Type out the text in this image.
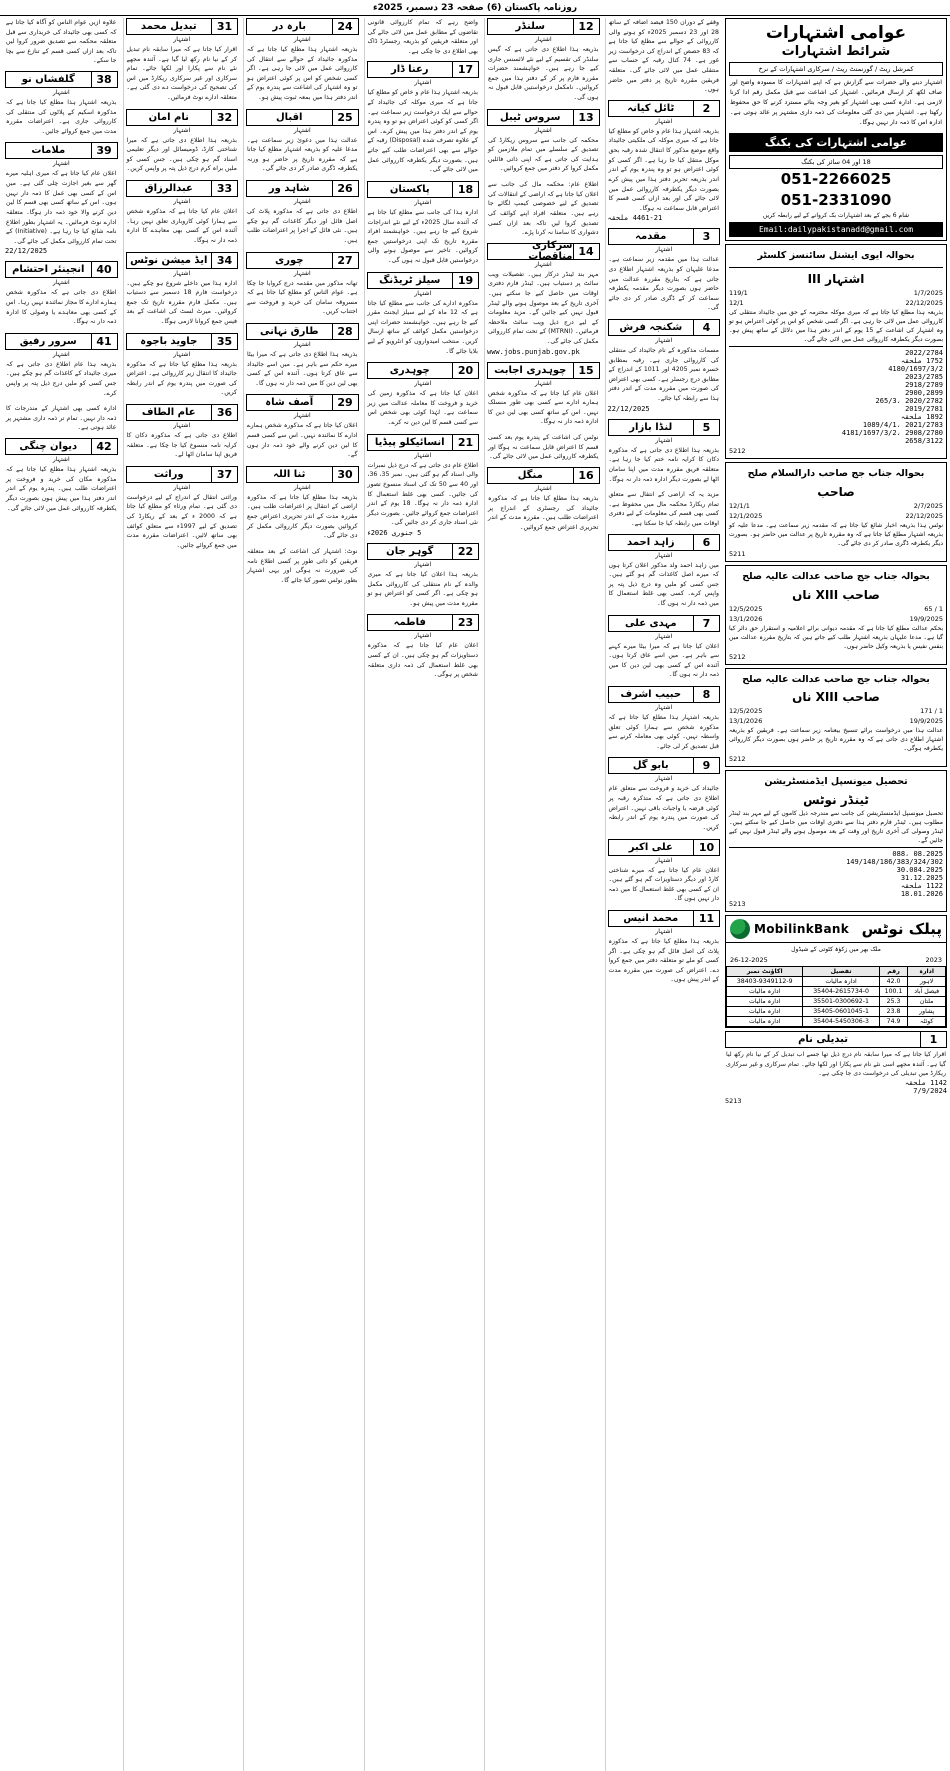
روزنامہ پاکستان (6) صفحہ 23 دسمبر، 2025ء
عوامی اشتہارات
شرائط اشتہارات
کمرشل ریٹ / گورنمنٹ ریٹ / سرکاری اشتہارات کے نرخ
اشتہار دینے والے حضرات سے گزارش ہے کہ اپنے اشتہارات کا مسودہ واضح اور صاف لکھ کر ارسال فرمائیں۔ اشتہار کی اشاعت سے قبل مکمل رقم ادا کرنا لازمی ہے۔ ادارہ کسی بھی اشتہار کو بغیر وجہ بتائے مسترد کرنے کا حق محفوظ رکھتا ہے۔ اشتہار میں دی گئی معلومات کی ذمہ داری مشتہر پر عائد ہوتی ہے۔ ادارہ اس کا ذمہ دار نہیں ہوگا۔
عوامی اشتہارات کی بکنگ
18 اور 04 سائز کی بکنگ
051-2266025
051-2331090
شام 6 بجے کے بعد اشتہارات بک کروانے کے لیے رابطہ کریں
Email:dailypakistanadd@gmail.com
بحوالہ ایوی ایشنل سائنسز کلسٹر
اشتہار III
1/7/2025
119/1
22/12/2025
12/1
بذریعہ ہذا مطلع کیا جاتا ہے کہ میری موکلہ محترمہ کے حق میں جائیداد منتقلی کی کارروائی عمل میں لائی جا رہی ہے۔ اگر کسی شخص کو اس پر کوئی اعتراض ہو تو وہ اشتہار کی اشاعت کے 15 یوم کے اندر دفتر ہذا میں دلائل کے ساتھ پیش ہو۔ بصورت دیگر یکطرفہ کارروائی عمل میں لائی جائے گی۔
2022/2784
1752 ملحقہ
4180/1697/3/2
2023/2785
2918/2789
2900,2899
2020/2782 ،265/3
2019/2781
1892 ملحقہ
2021/2783 ،1089/4/1
2908/2780 ،4181/1697/3/2
2658/3122
5212
بحوالہ جناب جج صاحب دارالسلام صلح
صاحب
2/7/2025
12/1/1
22/12/2025
12/1/2025
نوٹس ہذا بذریعہ اخبار شائع کیا جاتا ہے کہ مقدمہ زیر سماعت ہے۔ مدعا علیہ کو بذریعہ اشتہار مطلع کیا جاتا ہے کہ وہ مقررہ تاریخ پر عدالت میں حاضر ہو۔ بصورت دیگر یکطرفہ ڈگری صادر کر دی جائے گی۔
5211
بحوالہ جناب جج صاحب عدالت عالیہ صلح
صاحب XIII ناں
1 / 65
12/5/2025
19/9/2025
13/1/2026
بحکم عدالت مطلع کیا جاتا ہے کہ مقدمہ دیوانی برائے اعلامیہ و استقرار حق دائر کیا گیا ہے۔ مدعا علیہان بذریعہ اشتہار طلب کیے جاتے ہیں کہ بتاریخ مقررہ عدالت میں بنفس نفیس یا بذریعہ وکیل حاضر ہوں۔
5212
بحوالہ جناب جج صاحب عدالت عالیہ صلح
صاحب XIII ناں
1 / 171
12/5/2025
19/9/2025
13/1/2026
عدالت ہذا میں درخواست برائے تنسیخ بیعنامہ زیر سماعت ہے۔ فریقین کو بذریعہ اشتہار اطلاع دی جاتی ہے کہ وہ مقررہ تاریخ پر حاضر ہوں بصورت دیگر کارروائی یکطرفہ ہوگی۔
5212
تحصیل میونسپل ایڈمنسٹریشن
ٹینڈر نوٹس
تحصیل میونسپل ایڈمنسٹریشن کی جانب سے مندرجہ ذیل کاموں کے لیے مہر بند ٹینڈر مطلوب ہیں۔ ٹینڈر فارم دفتر ہذا سے دفتری اوقات میں حاصل کیے جا سکتے ہیں۔ ٹینڈر وصولی کی آخری تاریخ اور وقت کے بعد موصول ہونے والے ٹینڈر قبول نہیں کیے جائیں گے۔
08.2025 ،088
149/148/186/383/324/302
30.084.2025
31.12.2025
1122 ملحقہ
18.01.2026
5213
پبلک نوٹس
MobilinkBank
ملک بھر میں زکوٰۃ کٹوتی کے شیڈول
2023
26-12-2025
ادارہ	رقم	تفصیل	اکاؤنٹ نمبر
لاہور	42.0	ادارہ مالیات	38403-9349112-9
فیصل آباد	100.1	35404-2615734-0	ادارہ مالیات
ملتان	25.3	35501-0300692-1	ادارہ مالیات
پشاور	23.8	35405-0601045-1	ادارہ مالیات
کوئٹہ	74.9	35404-5450306-3	ادارہ مالیات
1
تبدیلی نام
اقرار کیا جاتا ہے کہ میرا سابقہ نام درج ذیل تھا جسے اب تبدیل کر کے نیا نام رکھ لیا گیا ہے۔ آئندہ مجھے اسی نئے نام سے پکارا اور لکھا جائے۔ تمام سرکاری و غیر سرکاری ریکارڈ میں تبدیلی کی درخواست دی جا چکی ہے۔
1142 ملحقہ
7/9/2024
5213
وقفے کے دوران 150 فیصد اضافہ کے ساتھ 28 اور 23 دسمبر 2025ء کو ہونے والی کارروائی کے حوالے سے مطلع کیا جاتا ہے کہ 83 حصص کے اندراج کی درخواست زیر غور ہے۔ 74 کنال رقبہ کے حساب سے منتقلی عمل میں لائی جائے گی۔ متعلقہ فریقین مقررہ تاریخ پر دفتر میں حاضر ہوں۔
2
ٹائل کیانہ
اشتہار
بذریعہ اشتہار ہذا عام و خاص کو مطلع کیا جاتا ہے کہ میری موکلہ کی ملکیتی جائیداد واقع موضع مذکور کا انتقال شدہ رقبہ بحق موکل منتقل کیا جا رہا ہے۔ اگر کسی کو کوئی اعتراض ہو تو وہ پندرہ یوم کے اندر اندر بذریعہ تحریر دفتر ہذا میں پیش کرے بصورت دیگر یکطرفہ کارروائی عمل میں لائی جائے گی اور بعد ازاں کسی قسم کا اعتراض قابل سماعت نہ ہوگا۔
4461-21 ملحقہ
3
مقدمہ
اشتہار
عدالت ہذا میں مقدمہ زیر سماعت ہے۔ مدعا علیہان کو بذریعہ اشتہار اطلاع دی جاتی ہے کہ بتاریخ مقررہ عدالت میں حاضر ہوں بصورت دیگر مقدمہ یکطرفہ سماعت کر کے ڈگری صادر کر دی جائے گی۔
4
شکنجہ فرش
اشتہار
مسمات مذکورہ کے نام جائیداد کی منتقلی کی کارروائی جاری ہے۔ رقبہ بمطابق خسرہ نمبر 4205 اور 1011 کے اندراج کے مطابق درج رجسٹر ہے۔ کسی بھی اعتراض کی صورت میں مقررہ مدت کے اندر دفتر ہذا سے رابطہ کیا جائے۔
22/12/2025
5
لنڈا بازار
اشتہار
بذریعہ ہذا اطلاع دی جاتی ہے کہ مذکورہ دکان کا کرایہ نامہ ختم کیا جا رہا ہے۔ متعلقہ فریق مقررہ مدت میں اپنا سامان اٹھا لے بصورت دیگر ادارہ ذمہ دار نہ ہوگا۔
مزید یہ کہ اراضی کے انتقال سے متعلق تمام ریکارڈ محکمہ مال میں محفوظ ہے۔ کسی بھی قسم کی معلومات کے لیے دفتری اوقات میں رابطہ کیا جا سکتا ہے۔
6
زاہد احمد
اشتہار
میں زاہد احمد ولد مذکور اعلان کرتا ہوں کہ میرے اصل کاغذات گم ہو گئے ہیں۔ جس کسی کو ملیں وہ درج ذیل پتہ پر واپس کرے۔ کسی بھی غلط استعمال کا میں ذمہ دار نہ ہوں گا۔
7
مہدی علی
اشتہار
اعلان کیا جاتا ہے کہ میرا بیٹا میرے کہنے سے باہر ہے۔ میں اسے عاق کرتا ہوں۔ آئندہ اس کے کسی بھی لین دین کا میں ذمہ دار نہ ہوں گا۔
8
حبیب اشرف
اشتہار
بذریعہ اشتہار ہذا مطلع کیا جاتا ہے کہ مذکورہ شخص سے ہمارا کوئی تعلق واسطہ نہیں۔ کوئی بھی معاملہ کرنے سے قبل تصدیق کر لی جائے۔
9
بابو گل
اشتہار
جائیداد کی خرید و فروخت سے متعلق عام اطلاع دی جاتی ہے کہ متذکرہ رقبہ پر کوئی قرضہ یا واجبات باقی نہیں۔ اعتراض کی صورت میں پندرہ یوم کے اندر رابطہ کریں۔
10
علی اکبر
اشتہار
اعلان عام کیا جاتا ہے کہ میرے شناختی کارڈ اور دیگر دستاویزات گم ہو گئے ہیں۔ ان کے کسی بھی غلط استعمال کا میں ذمہ دار نہیں ہوں گا۔
11
محمد انیس
اشتہار
بذریعہ ہذا مطلع کیا جاتا ہے کہ مذکورہ پلاٹ کی اصل فائل گم ہو چکی ہے۔ اگر کسی کو ملے تو متعلقہ دفتر میں جمع کروا دے۔ اعتراض کی صورت میں مقررہ مدت کے اندر پیش ہوں۔
12
سلنڈر
اشتہار
بذریعہ ہذا اطلاع دی جاتی ہے کہ گیس سلنڈر کی تقسیم کے لیے نئے لائسنس جاری کیے جا رہے ہیں۔ خواہشمند حضرات مقررہ فارم پر کر کے دفتر ہذا میں جمع کروائیں۔ نامکمل درخواستیں قابل قبول نہ ہوں گی۔
13
سروس ٹیبل
اشتہار
محکمہ کی جانب سے سروس ریکارڈ کی تصدیق کے سلسلے میں تمام ملازمین کو ہدایت کی جاتی ہے کہ اپنی ذاتی فائلیں مکمل کروا کر دفتر میں جمع کروائیں۔
اطلاع عام: محکمہ مال کی جانب سے اعلان کیا جاتا ہے کہ اراضی کے انتقالات کی تصدیق کے لیے خصوصی کیمپ لگائے جا رہے ہیں۔ متعلقہ افراد اپنے کوائف کی تصدیق کروا لیں تاکہ بعد ازاں کسی دشواری کا سامنا نہ کرنا پڑے۔
14
سرکاری مناقصات
اشتہار
مہر بند ٹینڈر درکار ہیں۔ تفصیلات ویب سائٹ پر دستیاب ہیں۔ ٹینڈر فارم دفتری اوقات میں حاصل کیے جا سکتے ہیں۔ آخری تاریخ کے بعد موصول ہونے والے ٹینڈر قبول نہیں کیے جائیں گے۔ مزید معلومات کے لیے درج ذیل ویب سائٹ ملاحظہ فرمائیں۔ (MTRNI) کے تحت تمام کارروائی مکمل کی جائے گی۔
www.jobs.punjab.gov.pk
15
چوہدری اجابت
اشتہار
اعلان عام کیا جاتا ہے کہ مذکورہ شخص ہمارے ادارے سے کسی بھی طور منسلک نہیں۔ اس کے ساتھ کسی بھی لین دین کا ادارہ ذمہ دار نہ ہوگا۔
نوٹس کی اشاعت کے پندرہ یوم بعد کسی قسم کا اعتراض قابل سماعت نہ ہوگا اور یکطرفہ کارروائی عمل میں لائی جائے گی۔
16
منگل
اشتہار
بذریعہ ہذا مطلع کیا جاتا ہے کہ مذکورہ جائیداد کی رجسٹری کے اندراج پر اعتراضات طلب ہیں۔ مقررہ مدت کے اندر تحریری اعتراض جمع کروائیں۔
واضح رہے کہ تمام کارروائی قانونی تقاضوں کے مطابق عمل میں لائی جائے گی اور متعلقہ فریقین کو بذریعہ رجسٹرڈ ڈاک بھی اطلاع دی جا چکی ہے۔
17
رعنا ڈار
اشتہار
بذریعہ اشتہار ہذا عام و خاص کو مطلع کیا جاتا ہے کہ میری موکلہ کی جائیداد کے حوالے سے ایک درخواست زیر سماعت ہے۔ اگر کسی کو کوئی اعتراض ہو تو وہ پندرہ یوم کے اندر دفتر ہذا میں پیش کرے۔ اس کے علاوہ تصرف شدہ (Disposal) رقبہ کے حوالے سے بھی اعتراضات طلب کیے جاتے ہیں۔ بصورت دیگر یکطرفہ کارروائی عمل میں لائی جائے گی۔
18
پاکستان
اشتہار
ادارہ ہذا کی جانب سے مطلع کیا جاتا ہے کہ آئندہ سال 2025ء کے لیے نئے اندراجات شروع کیے جا رہے ہیں۔ خواہشمند افراد مقررہ تاریخ تک اپنی درخواستیں جمع کروائیں۔ تاخیر سے موصول ہونے والی درخواستیں قابل قبول نہ ہوں گی۔
19
سیلز ٹریڈنگ
اشتہار
مذکورہ ادارے کی جانب سے مطلع کیا جاتا ہے کہ 12 ماہ کے لیے سیلز ایجنٹ مقرر کیے جا رہے ہیں۔ خواہشمند حضرات اپنی درخواستیں مکمل کوائف کے ساتھ ارسال کریں۔ منتخب امیدواروں کو انٹرویو کے لیے بلایا جائے گا۔
20
چوہدری
اشتہار
اعلان کیا جاتا ہے کہ مذکورہ زمین کی خرید و فروخت کا معاملہ عدالت میں زیر سماعت ہے۔ لہٰذا کوئی بھی شخص اس سے کسی قسم کا لین دین نہ کرے۔
21
انسائیکلو پیڈیا
اشتہار
اطلاع عام دی جاتی ہے کہ درج ذیل نمبرات والی اسناد گم ہو گئی ہیں۔ نمبر 35، 36، اور 40 سے 50 تک کی اسناد منسوخ تصور کی جائیں۔ کسی بھی غلط استعمال کا ادارہ ذمہ دار نہ ہوگا۔ 18 یوم کے اندر اعتراضات جمع کروائے جائیں۔ بصورت دیگر نئی اسناد جاری کر دی جائیں گی۔
5 جنوری 2026ء
22
گوہر جان
اشتہار
بذریعہ ہذا اعلان کیا جاتا ہے کہ میری والدہ کے نام منتقلی کی کارروائی مکمل ہو چکی ہے۔ اگر کسی کو اعتراض ہو تو مقررہ مدت میں پیش ہو۔
23
فاطمہ
اشتہار
اعلان عام کیا جاتا ہے کہ مذکورہ دستاویزات گم ہو چکی ہیں۔ ان کے کسی بھی غلط استعمال کی ذمہ داری متعلقہ شخص پر ہوگی۔
24
بارہ در
اشتہار
بذریعہ اشتہار ہذا مطلع کیا جاتا ہے کہ مذکورہ جائیداد کے حوالے سے انتقال کی کارروائی عمل میں لائی جا رہی ہے۔ اگر کسی شخص کو اس پر کوئی اعتراض ہو تو وہ اشتہار کی اشاعت سے پندرہ یوم کے اندر دفتر ہذا میں بمعہ ثبوت پیش ہو۔
25
اقبال
اشتہار
عدالت ہذا میں دعویٰ زیر سماعت ہے۔ مدعا علیہ کو بذریعہ اشتہار مطلع کیا جاتا ہے کہ مقررہ تاریخ پر حاضر ہو ورنہ یکطرفہ ڈگری صادر کر دی جائے گی۔
26
شاہد ور
اشتہار
اطلاع دی جاتی ہے کہ مذکورہ پلاٹ کی اصل فائل اور دیگر کاغذات گم ہو چکے ہیں۔ نئی فائل کے اجرا پر اعتراضات طلب ہیں۔
27
چوری
اشتہار
تھانہ مذکور میں مقدمہ درج کروایا جا چکا ہے۔ عوام الناس کو مطلع کیا جاتا ہے کہ مسروقہ سامان کی خرید و فروخت سے اجتناب کریں۔
28
طارق نہانی
اشتہار
بذریعہ ہذا اطلاع دی جاتی ہے کہ میرا بیٹا میرے حکم سے باہر ہے۔ میں اسے جائیداد سے عاق کرتا ہوں۔ آئندہ اس کے کسی بھی لین دین کا میں ذمہ دار نہ ہوں گا۔
29
آصف شاہ
اشتہار
اعلان کیا جاتا ہے کہ مذکورہ شخص ہمارے ادارے کا نمائندہ نہیں۔ اس سے کسی قسم کا لین دین کرنے والے خود ذمہ دار ہوں گے۔
30
ثنا اللہ
اشتہار
بذریعہ ہذا مطلع کیا جاتا ہے کہ مذکورہ اراضی کے انتقال پر اعتراضات طلب ہیں۔ مقررہ مدت کے اندر تحریری اعتراض جمع کروائیں بصورت دیگر کارروائی مکمل کر دی جائے گی۔
نوٹ: اشتہار کی اشاعت کے بعد متعلقہ فریقین کو ذاتی طور پر کسی اطلاع نامہ کی ضرورت نہ ہوگی اور یہی اشتہار بطور نوٹس تصور کیا جائے گا۔
31
تبدیل محمد
اشتہار
اقرار کیا جاتا ہے کہ میرا سابقہ نام تبدیل کر کے نیا نام رکھ لیا گیا ہے۔ آئندہ مجھے نئے نام سے پکارا اور لکھا جائے۔ تمام سرکاری اور غیر سرکاری ریکارڈ میں اس کی تصحیح کی درخواست دے دی گئی ہے۔ متعلقہ ادارے نوٹ فرمائیں۔
32
نام امان
اشتہار
بذریعہ ہذا اطلاع دی جاتی ہے کہ میرا شناختی کارڈ، ڈومیسائل اور دیگر تعلیمی اسناد گم ہو چکی ہیں۔ جس کسی کو ملیں براہ کرم درج ذیل پتہ پر واپس کریں۔
33
عبدالرزاق
اشتہار
اعلان عام کیا جاتا ہے کہ مذکورہ شخص سے ہمارا کوئی کاروباری تعلق نہیں رہا۔ آئندہ اس کے کسی بھی معاہدے کا ادارہ ذمہ دار نہ ہوگا۔
34
ایڈ میشن نوٹس
اشتہار
ادارہ ہذا میں داخلے شروع ہو چکے ہیں۔ درخواست فارم 18 دسمبر سے دستیاب ہیں۔ مکمل فارم مقررہ تاریخ تک جمع کروائیں۔ میرٹ لسٹ کی اشاعت کے بعد فیس جمع کروانا لازمی ہوگا۔
35
جاوید باجوہ
اشتہار
بذریعہ ہذا مطلع کیا جاتا ہے کہ مذکورہ جائیداد کا انتقال زیر کارروائی ہے۔ اعتراض کی صورت میں پندرہ یوم کے اندر رابطہ کریں۔
36
عام الطاف
اشتہار
اطلاع دی جاتی ہے کہ مذکورہ دکان کا کرایہ نامہ منسوخ کیا جا چکا ہے۔ متعلقہ فریق اپنا سامان اٹھا لے۔
37
وراثت
اشتہار
وراثتی انتقال کے اندراج کے لیے درخواست دی گئی ہے۔ تمام ورثاء کو مطلع کیا جاتا ہے کہ 2000 ء کے بعد کے ریکارڈ کی تصدیق کے لیے 1997ء سے متعلق کوائف بھی ساتھ لائیں۔ اعتراضات مقررہ مدت میں جمع کروائے جائیں۔
علاوہ ازیں عوام الناس کو آگاہ کیا جاتا ہے کہ کسی بھی جائیداد کی خریداری سے قبل متعلقہ محکمہ سے تصدیق ضرور کروا لیں تاکہ بعد ازاں کسی قسم کے تنازع سے بچا جا سکے۔
38
گلفشاں نو
اشتہار
بذریعہ اشتہار ہذا مطلع کیا جاتا ہے کہ مذکورہ اسکیم کے پلاٹوں کی منتقلی کی کارروائی جاری ہے۔ اعتراضات مقررہ مدت میں جمع کروائے جائیں۔
39
ملامات
اشتہار
اعلان عام کیا جاتا ہے کہ میری اہلیہ میرے گھر سے بغیر اجازت چلی گئی ہے۔ میں اس کے کسی بھی عمل کا ذمہ دار نہیں ہوں۔ اس کے ساتھ کسی بھی قسم کا لین دین کرنے والا خود ذمہ دار ہوگا۔ متعلقہ ادارے نوٹ فرمائیں۔ یہ اشتہار بطور اطلاع نامہ شائع کیا جا رہا ہے۔ (Initiative) کے تحت تمام کارروائی مکمل کی جائے گی۔
22/12/2025
40
انجینئر احتشام
اشتہار
اطلاع دی جاتی ہے کہ مذکورہ شخص ہمارے ادارے کا مجاز نمائندہ نہیں رہا۔ اس کے کسی بھی معاہدے یا وصولی کا ادارہ ذمہ دار نہ ہوگا۔
41
سرور رفیق
اشتہار
بذریعہ ہذا عام اطلاع دی جاتی ہے کہ میری جائیداد کے کاغذات گم ہو چکے ہیں۔ جس کسی کو ملیں درج ذیل پتہ پر واپس کرے۔
ادارہ کسی بھی اشتہار کے مندرجات کا ذمہ دار نہیں۔ تمام تر ذمہ داری مشتہر پر عائد ہوتی ہے۔
42
دیوان چنگی
اشتہار
بذریعہ اشتہار ہذا مطلع کیا جاتا ہے کہ مذکورہ مکان کی خرید و فروخت پر اعتراضات طلب ہیں۔ پندرہ یوم کے اندر اندر دفتر ہذا میں پیش ہوں بصورت دیگر یکطرفہ کارروائی عمل میں لائی جائے گی۔
